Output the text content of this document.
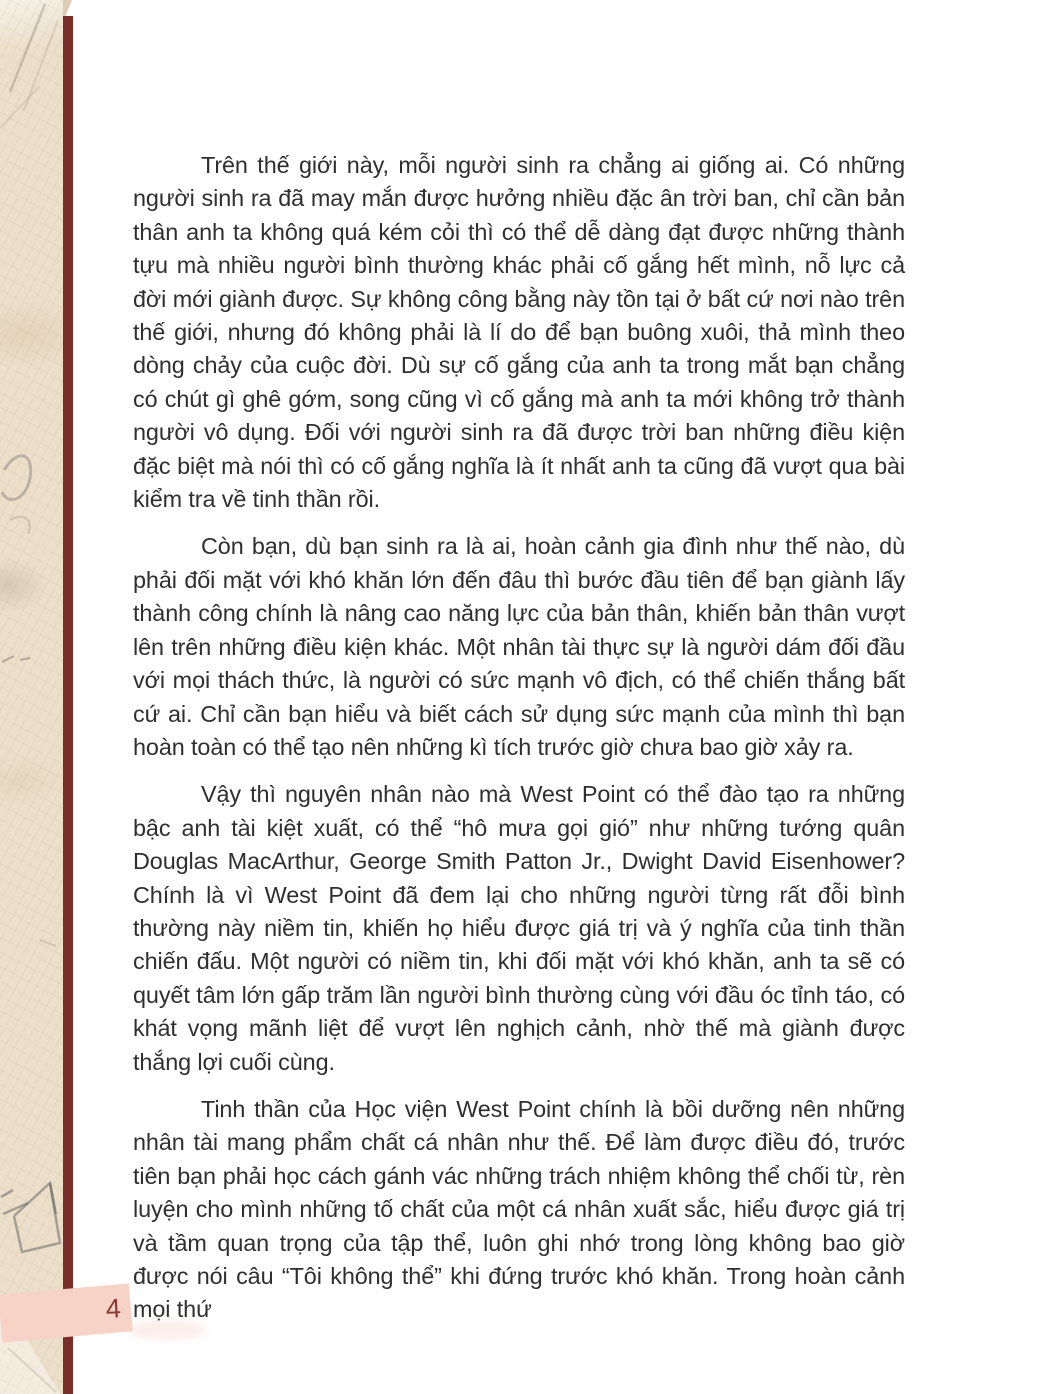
4

Trên thế giới này, mỗi người sinh ra chẳng ai giống ai. Có những người sinh ra đã may mắn được hưởng nhiều đặc ân trời ban, chỉ cần bản thân anh ta không quá kém cỏi thì có thể dễ dàng đạt được những thành tựu mà nhiều người bình thường khác phải cố gắng hết mình, nỗ lực cả đời mới giành được. Sự không công bằng này tồn tại ở bất cứ nơi nào trên thế giới, nhưng đó không phải là lí do để bạn buông xuôi, thả mình theo dòng chảy của cuộc đời. Dù sự cố gắng của anh ta trong mắt bạn chẳng có chút gì ghê gớm, song cũng vì cố gắng mà anh ta mới không trở thành người vô dụng. Đối với người sinh ra đã được trời ban những điều kiện đặc biệt mà nói thì có cố gắng nghĩa là ít nhất anh ta cũng đã vượt qua bài kiểm tra về tinh thần rồi.

Còn bạn, dù bạn sinh ra là ai, hoàn cảnh gia đình như thế nào, dù phải đối mặt với khó khăn lớn đến đâu thì bước đầu tiên để bạn giành lấy thành công chính là nâng cao năng lực của bản thân, khiến bản thân vượt lên trên những điều kiện khác. Một nhân tài thực sự là người dám đối đầu với mọi thách thức, là người có sức mạnh vô địch, có thể chiến thắng bất cứ ai. Chỉ cần bạn hiểu và biết cách sử dụng sức mạnh của mình thì bạn hoàn toàn có thể tạo nên những kì tích trước giờ chưa bao giờ xảy ra.

Vậy thì nguyên nhân nào mà West Point có thể đào tạo ra những bậc anh tài kiệt xuất, có thể “hô mưa gọi gió” như những tướng quân Douglas MacArthur, George Smith Patton Jr., Dwight David Eisenhower? Chính là vì West Point đã đem lại cho những người từng rất đỗi bình thường này niềm tin, khiến họ hiểu được giá trị và ý nghĩa của tinh thần chiến đấu. Một người có niềm tin, khi đối mặt với khó khăn, anh ta sẽ có quyết tâm lớn gấp trăm lần người bình thường cùng với đầu óc tỉnh táo, có khát vọng mãnh liệt để vượt lên nghịch cảnh, nhờ thế mà giành được thắng lợi cuối cùng.

Tinh thần của Học viện West Point chính là bồi dưỡng nên những nhân tài mang phẩm chất cá nhân như thế. Để làm được điều đó, trước tiên bạn phải học cách gánh vác những trách nhiệm không thể chối từ, rèn luyện cho mình những tố chất của một cá nhân xuất sắc, hiểu được giá trị và tầm quan trọng của tập thể, luôn ghi nhớ trong lòng không bao giờ được nói câu “Tôi không thể” khi đứng trước khó khăn. Trong hoàn cảnh mọi thứ
